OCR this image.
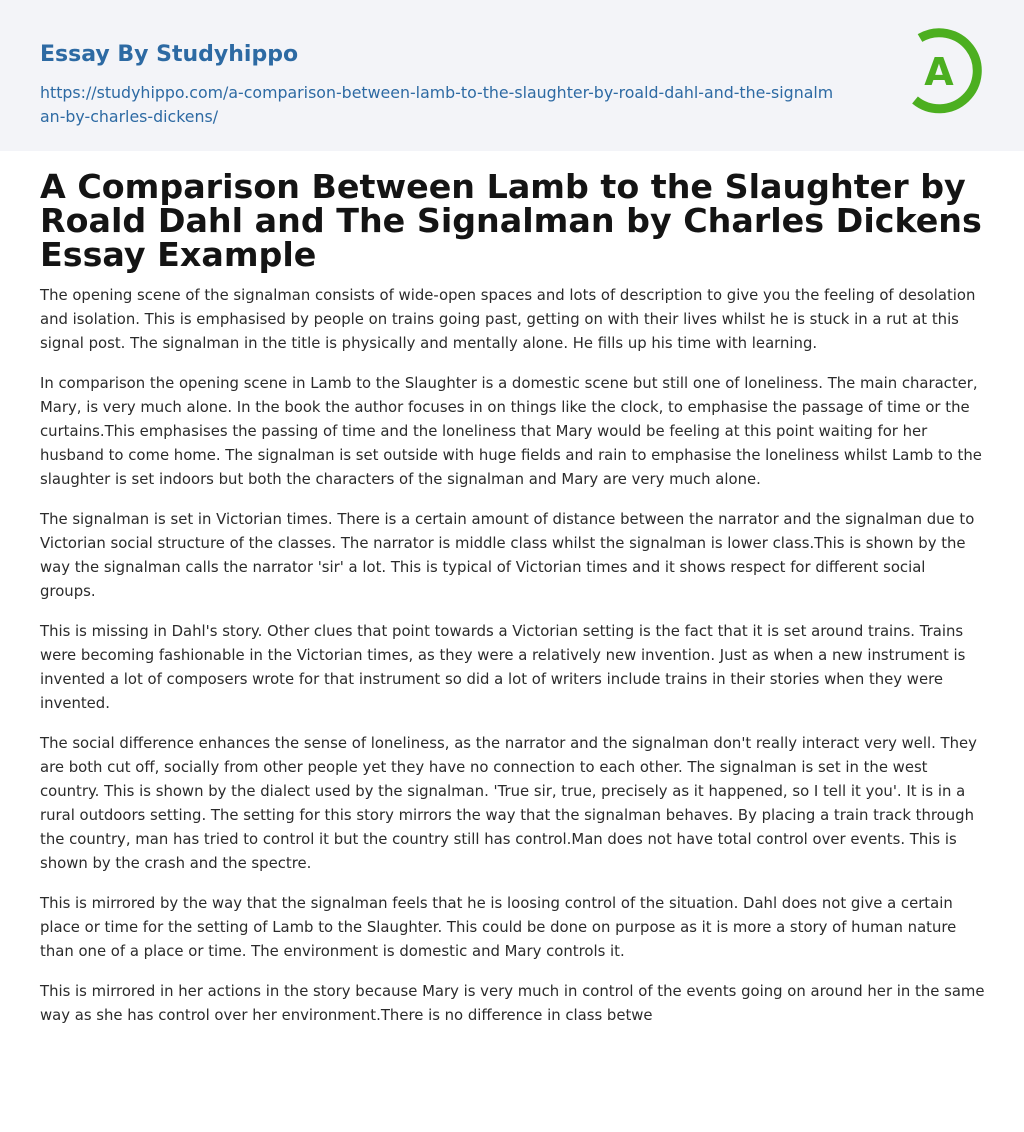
Essay By Studyhippo
https://studyhippo.com/a-comparison-between-lamb-to-the-slaughter-by-roald-dahl-and-the-signalman-by-charles-dickens/
A
A Comparison Between Lamb to the Slaughter by Roald Dahl and The Signalman by Charles Dickens Essay Example

The opening scene of the signalman consists of wide-open spaces and lots of description to give you the feeling of desolation and isolation. This is emphasised by people on trains going past, getting on with their lives whilst he is stuck in a rut at this signal post. The signalman in the title is physically and mentally alone. He fills up his time with learning.

In comparison the opening scene in Lamb to the Slaughter is a domestic scene but still one of loneliness. The main character, Mary, is very much alone. In the book the author focuses in on things like the clock, to emphasise the passage of time or the curtains.This emphasises the passing of time and the loneliness that Mary would be feeling at this point waiting for her husband to come home. The signalman is set outside with huge fields and rain to emphasise the loneliness whilst Lamb to the slaughter is set indoors but both the characters of the signalman and Mary are very much alone.

The signalman is set in Victorian times. There is a certain amount of distance between the narrator and the signalman due to Victorian social structure of the classes. The narrator is middle class whilst the signalman is lower class.This is shown by the way the signalman calls the narrator 'sir' a lot. This is typical of Victorian times and it shows respect for different social groups.

This is missing in Dahl's story. Other clues that point towards a Victorian setting is the fact that it is set around trains. Trains were becoming fashionable in the Victorian times, as they were a relatively new invention. Just as when a new instrument is invented a lot of composers wrote for that instrument so did a lot of writers include trains in their stories when they were invented.

The social difference enhances the sense of loneliness, as the narrator and the signalman don't really interact very well. They are both cut off, socially from other people yet they have no connection to each other. The signalman is set in the west country. This is shown by the dialect used by the signalman. 'True sir, true, precisely as it happened, so I tell it you'. It is in a rural outdoors setting. The setting for this story mirrors the way that the signalman behaves. By placing a train track through the country, man has tried to control it but the country still has control.Man does not have total control over events. This is shown by the crash and the spectre.

This is mirrored by the way that the signalman feels that he is loosing control of the situation. Dahl does not give a certain place or time for the setting of Lamb to the Slaughter. This could be done on purpose as it is more a story of human nature than one of a place or time. The environment is domestic and Mary controls it.

This is mirrored in her actions in the story because Mary is very much in control of the events going on around her in the same way as she has control over her environment.There is no difference in class betwe
